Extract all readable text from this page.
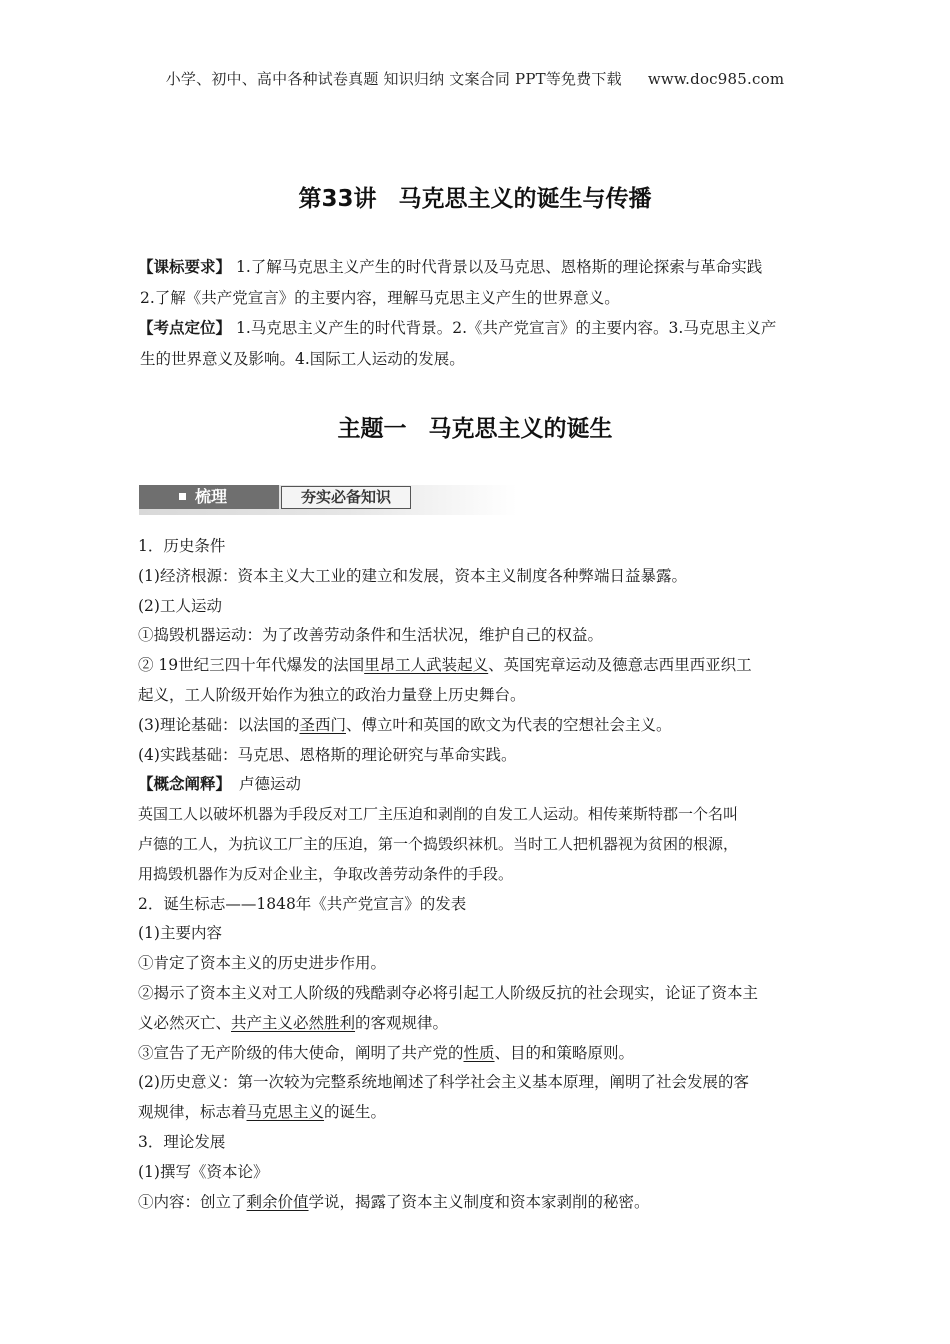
小学、初中、高中各种试卷真题 知识归纳 文案合同 PPT等免费下载 www.doc985.com
第33讲 马克思主义的诞生与传播
【课标要求】 1.了解马克思主义产生的时代背景以及马克思、恩格斯的理论探索与革命实践
2.了解《共产党宣言》的主要内容，理解马克思主义产生的世界意义。
【考点定位】 1.马克思主义产生的时代背景。2.《共产党宣言》的主要内容。3.马克思主义产
生的世界意义及影响。4.国际工人运动的发展。
主题一 马克思主义的诞生
梳理	夯实必备知识

1．历史条件

(1)经济根源：资本主义大工业的建立和发展，资本主义制度各种弊端日益暴露。

(2)工人运动

①捣毁机器运动：为了改善劳动条件和生活状况，维护自己的权益。

② 19世纪三四十年代爆发的法国里昂工人武装起义、英国宪章运动及德意志西里西亚织工

起义，工人阶级开始作为独立的政治力量登上历史舞台。

(3)理论基础：以法国的圣西门、傅立叶和英国的欧文为代表的空想社会主义。

(4)实践基础：马克思、恩格斯的理论研究与革命实践。

【概念阐释】 卢德运动

英国工人以破坏机器为手段反对工厂主压迫和剥削的自发工人运动。相传莱斯特郡一个名叫

卢德的工人，为抗议工厂主的压迫，第一个捣毁织袜机。当时工人把机器视为贫困的根源，

用捣毁机器作为反对企业主，争取改善劳动条件的手段。

2．诞生标志——1848年《共产党宣言》的发表

(1)主要内容

①肯定了资本主义的历史进步作用。

②揭示了资本主义对工人阶级的残酷剥夺必将引起工人阶级反抗的社会现实，论证了资本主

义必然灭亡、共产主义必然胜利的客观规律。

③宣告了无产阶级的伟大使命，阐明了共产党的性质、目的和策略原则。

(2)历史意义：第一次较为完整系统地阐述了科学社会主义基本原理，阐明了社会发展的客

观规律，标志着马克思主义的诞生。

3．理论发展

(1)撰写《资本论》

①内容：创立了剩余价值学说，揭露了资本主义制度和资本家剥削的秘密。
